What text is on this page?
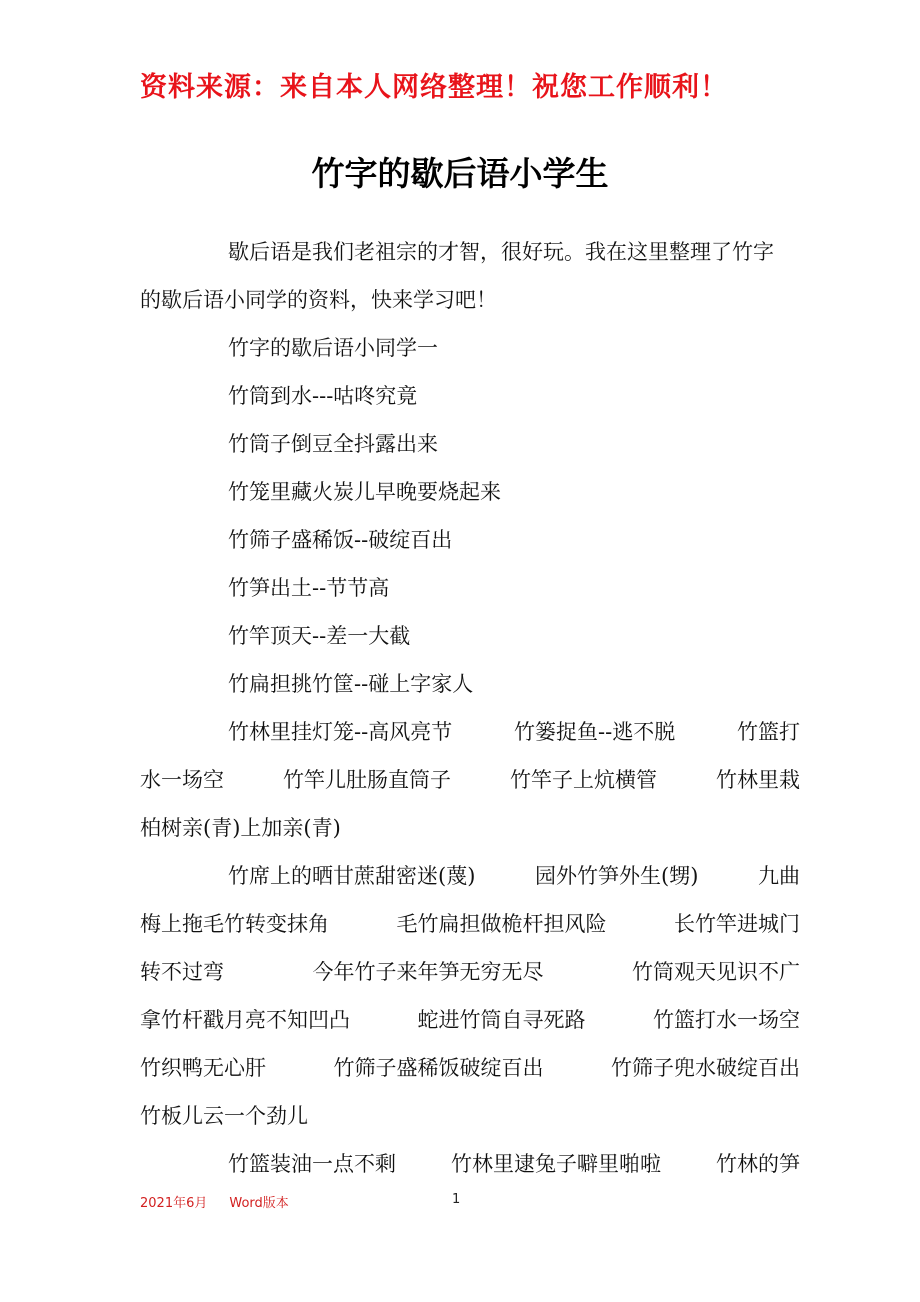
资料来源：来自本人网络整理！祝您工作顺利！
竹字的歇后语小学生

歇后语是我们老祖宗的才智，很好玩。我在这里整理了竹字

的歇后语小同学的资料，快来学习吧！

竹字的歇后语小同学一

竹筒到水---咕咚究竟

竹筒子倒豆全抖露出来

竹笼里藏火炭儿早晚要烧起来

竹筛子盛稀饭--破绽百出

竹笋出土--节节高

竹竿顶天--差一大截

竹扁担挑竹筐--碰上字家人

竹林里挂灯笼--高风亮节	竹篓捉鱼--逃不脱	竹篮打
水一场空	竹竿儿肚肠直筒子	竹竿子上炕横管	竹林里栽
柏树亲(青)上加亲(青)
竹席上的晒甘蔗甜密迷(蔑)	园外竹笋外生(甥)	九曲
梅上拖毛竹转变抹角	毛竹扁担做桅杆担风险	长竹竿进城门
转不过弯	今年竹子来年笋无穷无尽	竹筒观天见识不广
拿竹杆戳月亮不知凹凸	蛇进竹筒自寻死路	竹篮打水一场空
竹织鸭无心肝	竹筛子盛稀饭破绽百出	竹筛子兜水破绽百出
竹板儿云一个劲儿
竹篮装油一点不剩	竹林里逮兔子噼里啪啦	竹林的笋
2021年6月 Word版本	1
